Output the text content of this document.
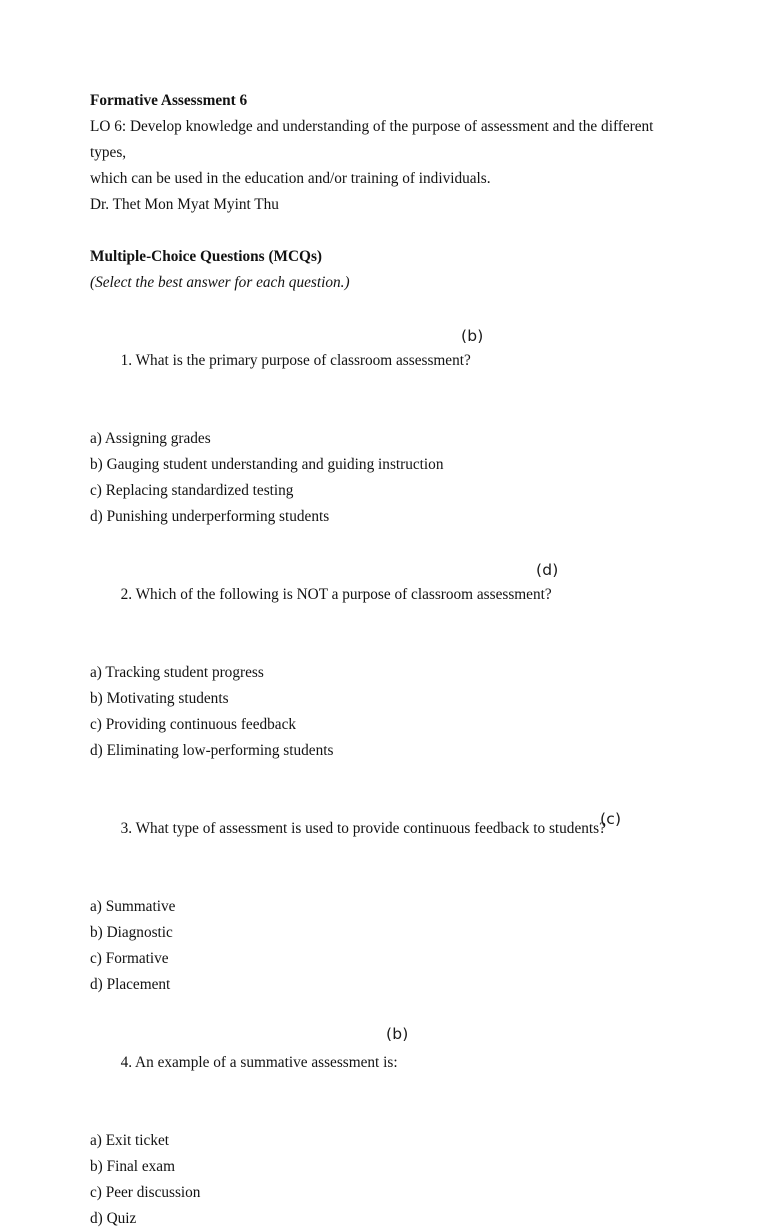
Formative Assessment 6
LO 6: Develop knowledge and understanding of the purpose of assessment and the different types,
which can be used in the education and/or training of individuals.
Dr. Thet Mon Myat Myint Thu
Multiple-Choice Questions (MCQs)
(Select the best answer for each question.)

1. What is the primary purpose of classroom assessment?

(b)

a) Assigning grades
b) Gauging student understanding and guiding instruction
c) Replacing standardized testing
d) Punishing underperforming students

2. Which of the following is NOT a purpose of classroom assessment?

(d)

a) Tracking student progress
b) Motivating students
c) Providing continuous feedback
d) Eliminating low-performing students

3. What type of assessment is used to provide continuous feedback to students?

(c)

a) Summative
b) Diagnostic
c) Formative
d) Placement

4. An example of a summative assessment is:

(b)

a) Exit ticket
b) Final exam
c) Peer discussion
d) Quiz
